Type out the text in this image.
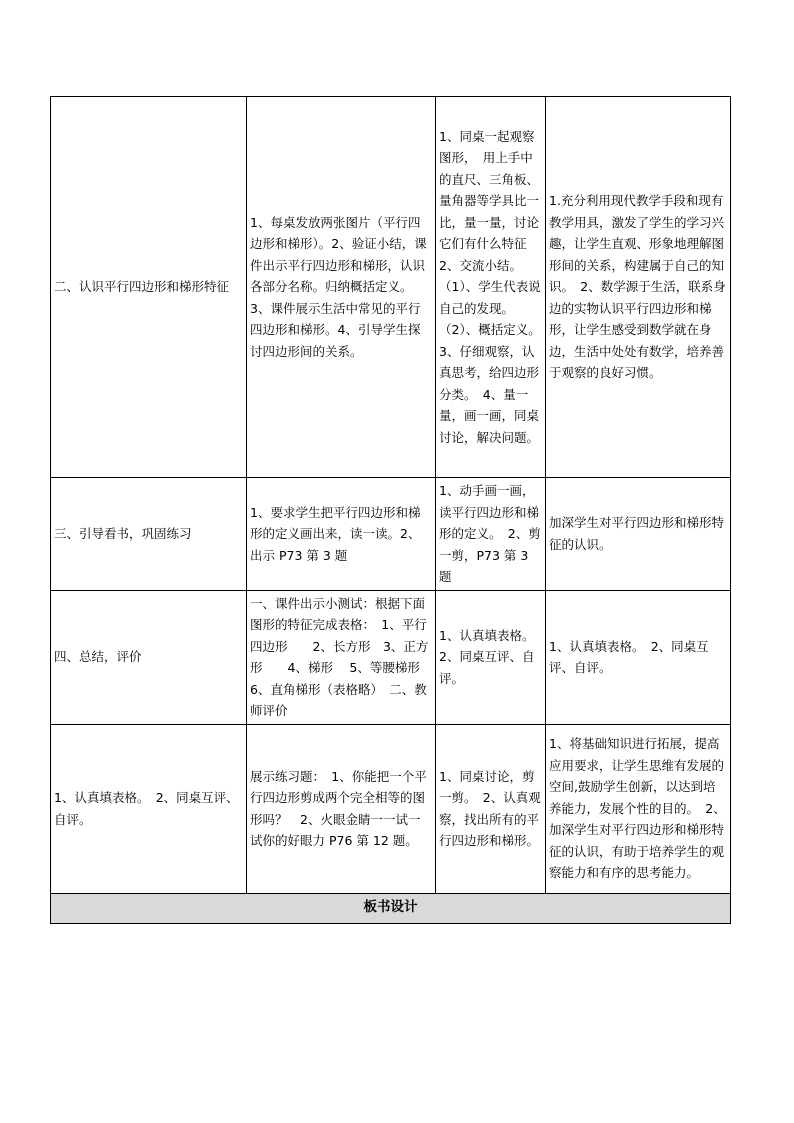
二、认识平行四边形和梯形特征	1、每桌发放两张图片（平行四边形和梯形）。2、验证小结，课件出示平行四边形和梯形，认识各部分名称。归纳概括定义。　3、课件展示生活中常见的平行四边形和梯形。4、引导学生探讨四边形间的关系。	1、同桌一起观察图形，　用上手中的直尺、三角板、量角器等学具比一比，量一量，讨论它们有什么特征　　2、交流小结。　（1）、学生代表说自己的发现。　（2）、概括定义。　3、仔细观察，认真思考，给四边形分类。　4、量一量，画一画，同桌讨论，解决问题。	1.充分利用现代教学手段和现有教学用具，激发了学生的学习兴趣，让学生直观、形象地理解图形间的关系，构建属于自己的知识。　2、数学源于生活，联系身边的实物认识平行四边形和梯形，让学生感受到数学就在身边，生活中处处有数学，培养善于观察的良好习惯。

三、引导看书，巩固练习	1、要求学生把平行四边形和梯形的定义画出来，读一读。2、出示 P73 第 3 题	1、动手画一画，读平行四边形和梯形的定义。　2、剪一剪，P73 第 3 题	加深学生对平行四边形和梯形特征的认识。

四、总结，评价	一、课件出示小测试：根据下面图形的特征完成表格：　1、平行四边形　　2、长方形　3、正方形　　4、梯形　 5、等腰梯形　　　6、直角梯形（表格略）　二、教师评价	1、认真填表格。　2、同桌互评、自评。	1、认真填表格。　2、同桌互评、自评。

1、认真填表格。　2、同桌互评、自评。	展示练习题：　1、你能把一个平行四边形剪成两个完全相等的图形吗？　2、火眼金睛一一试一试你的好眼力 P76 第 12 题。	1、同桌讨论，剪一剪。　2、认真观察，找出所有的平行四边形和梯形。	1、将基础知识进行拓展，提高应用要求，让学生思维有发展的空间,鼓励学生创新，以达到培养能力，发展个性的目的。　2、加深学生对平行四边形和梯形特征的认识，有助于培养学生的观察能力和有序的思考能力。

板书设计			
